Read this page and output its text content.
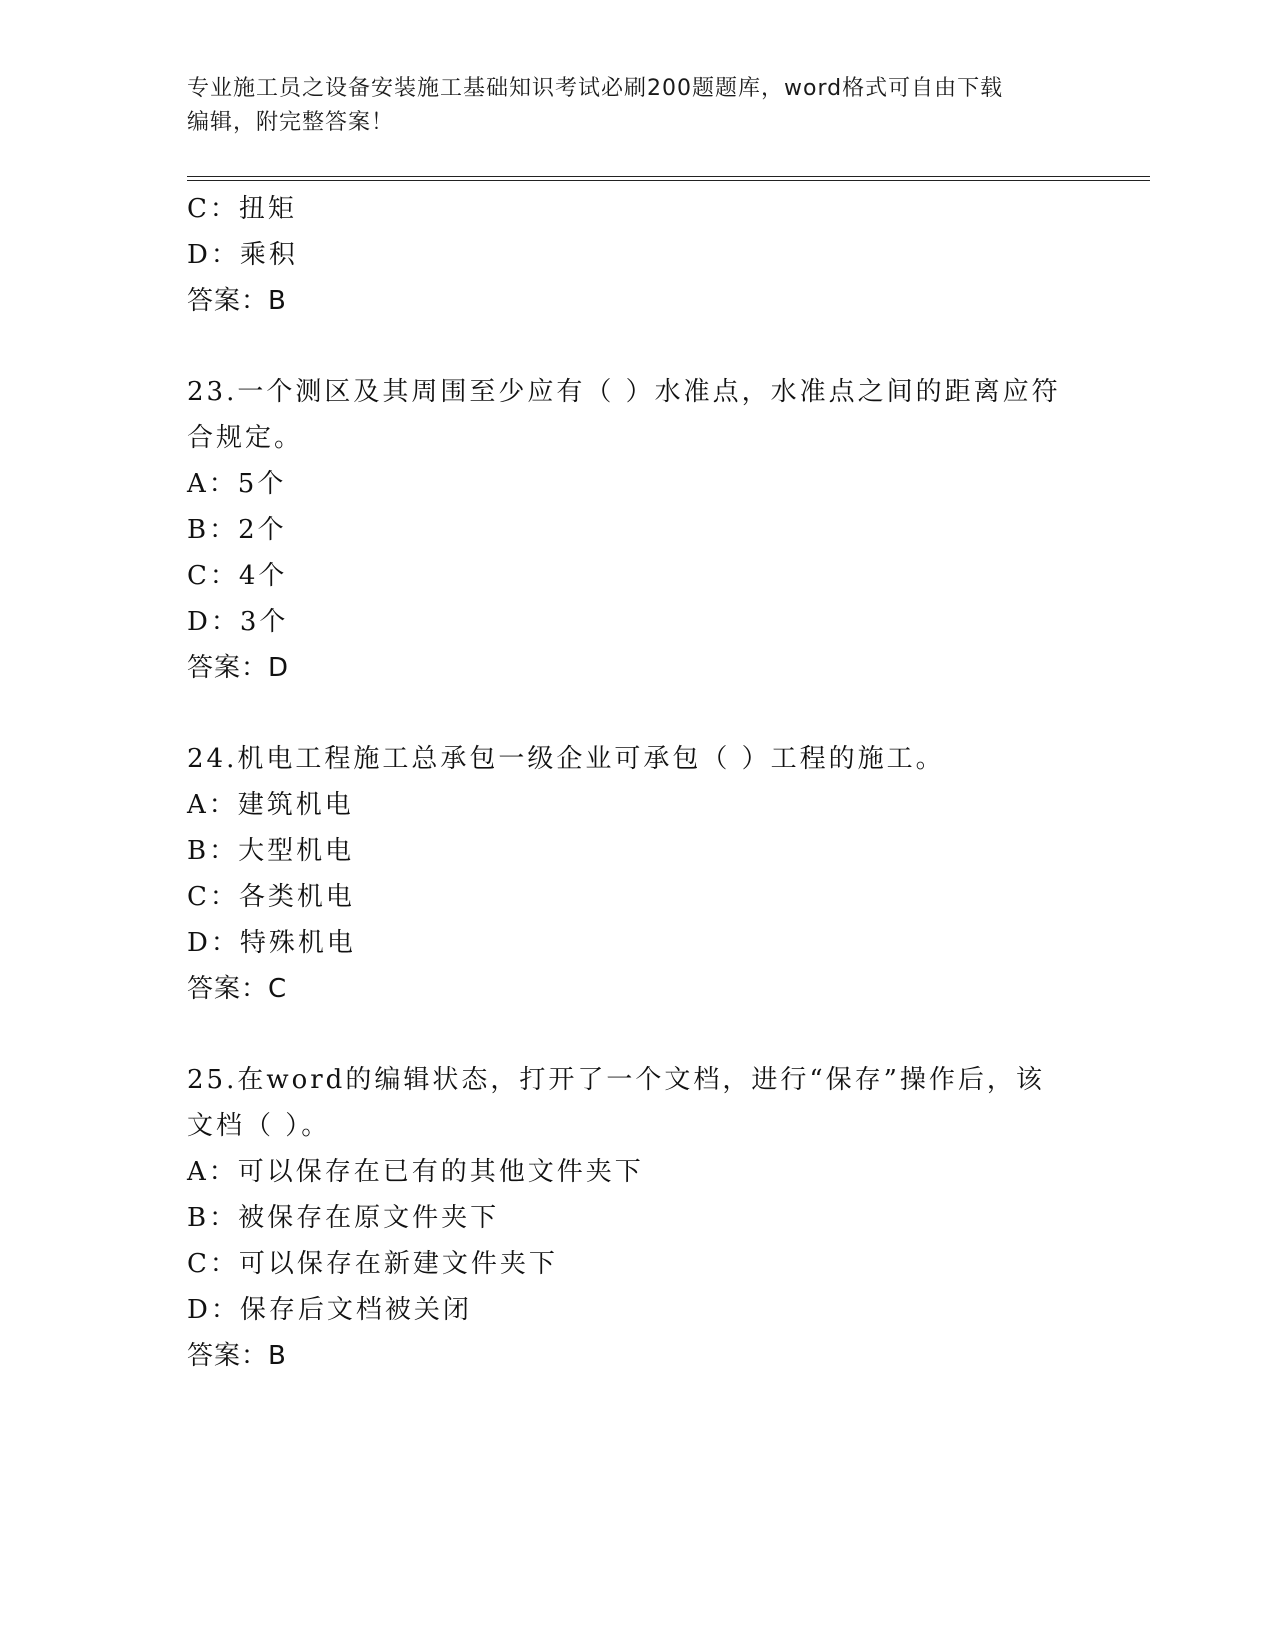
专业施工员之设备安装施工基础知识考试必刷200题题库，word格式可自由下载
编辑，附完整答案！
C：扭矩
D：乘积
答案：B
23.一个测区及其周围至少应有（ ）水准点，水准点之间的距离应符
合规定。
A：5个
B：2个
C：4个
D：3个
答案：D
24.机电工程施工总承包一级企业可承包（ ）工程的施工。
A：建筑机电
B：大型机电
C：各类机电
D：特殊机电
答案：C
25.在word的编辑状态，打开了一个文档，进行“保存”操作后，该
文档（ ）。
A：可以保存在已有的其他文件夹下
B：被保存在原文件夹下
C：可以保存在新建文件夹下
D：保存后文档被关闭
答案：B
